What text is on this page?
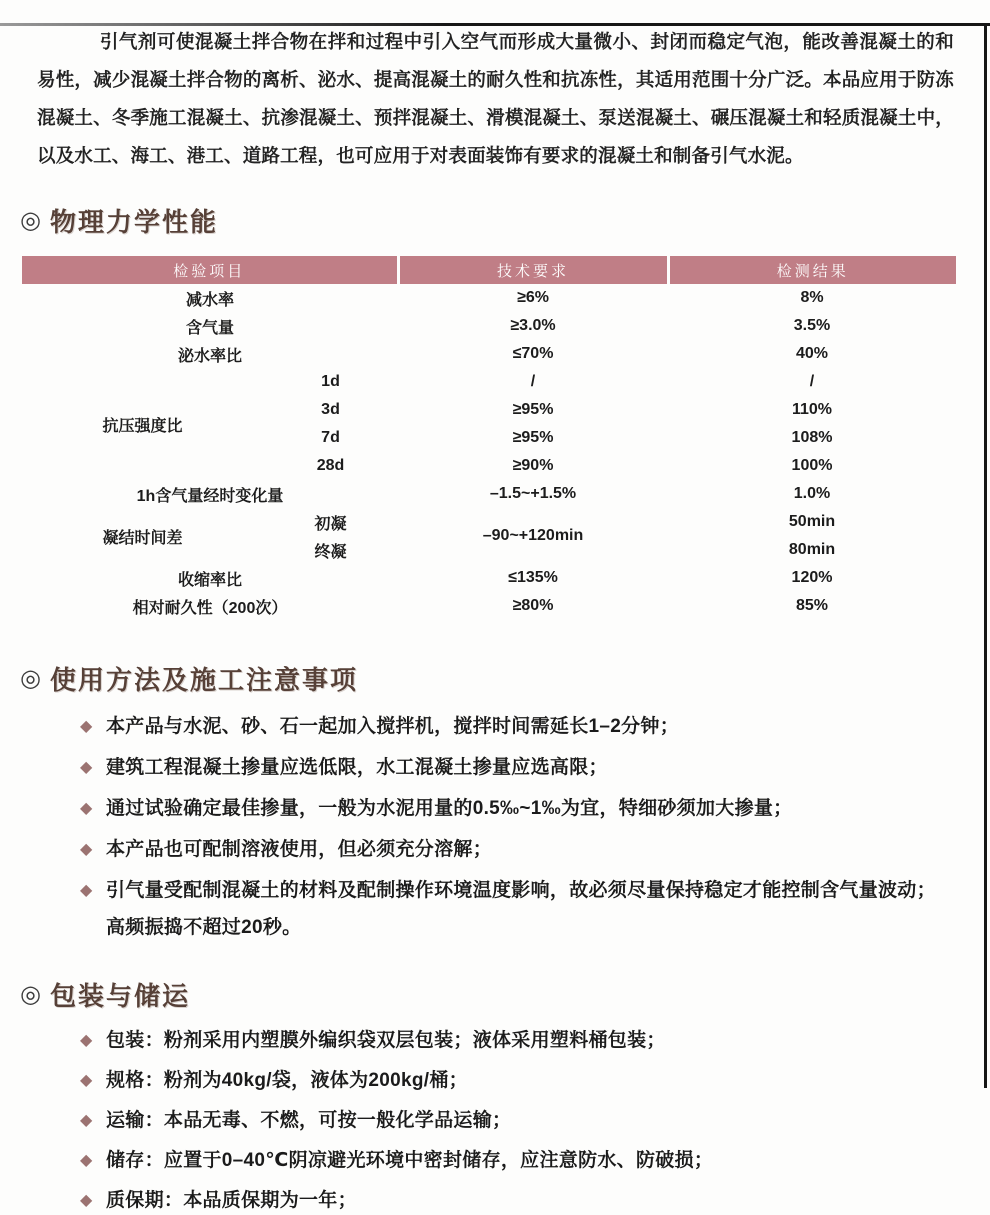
引气剂可使混凝土拌合物在拌和过程中引入空气而形成大量微小、封闭而稳定气泡，能改善混凝土的和易性，减少混凝土拌合物的离析、泌水、提高混凝土的耐久性和抗冻性，其适用范围十分广泛。本品应用于防冻混凝土、冬季施工混凝土、抗渗混凝土、预拌混凝土、滑模混凝土、泵送混凝土、碾压混凝土和轻质混凝土中，以及水工、海工、港工、道路工程，也可应用于对表面装饰有要求的混凝土和制备引气水泥。

◎ 物理力学性能
检验项目		技术要求	检测结果
减水率		≥6%	8%
含气量		≥3.0%	3.5%
泌水率比		≤70%	40%
抗压强度比	1d	/	/
	3d	≥95%	110%
	7d	≥95%	108%
	28d	≥90%	100%
1h含气量经时变化量		–1.5~+1.5%	1.0%
凝结时间差	初凝	–90~+120min	50min
	终凝		80min
收缩率比		≤135%	120%
相对耐久性（200次）		≥80%	85%
◎ 使用方法及施工注意事项
◆ 本产品与水泥、砂、石一起加入搅拌机，搅拌时间需延长1–2分钟；
◆ 建筑工程混凝土掺量应选低限，水工混凝土掺量应选高限；
◆ 通过试验确定最佳掺量，一般为水泥用量的0.5‰~1‰为宜，特细砂须加大掺量；
◆ 本产品也可配制溶液使用，但必须充分溶解；
◆ 引气量受配制混凝土的材料及配制操作环境温度影响，故必须尽量保持稳定才能控制含气量波动；
高频振捣不超过20秒。
◎ 包装与储运
◆ 包装：粉剂采用内塑膜外编织袋双层包装；液体采用塑料桶包装；
◆ 规格：粉剂为40kg/袋，液体为200kg/桶；
◆ 运输：本品无毒、不燃，可按一般化学品运输；
◆ 储存：应置于0–40℃阴凉避光环境中密封储存，应注意防水、防破损；
◆ 质保期：本品质保期为一年；
